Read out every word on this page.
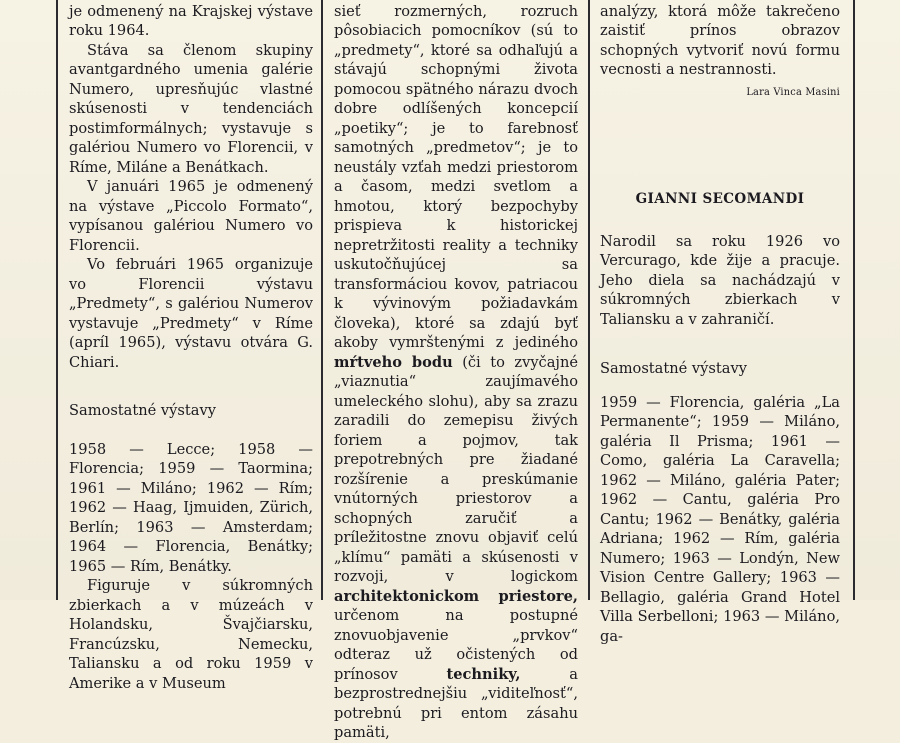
je odmenený na Krajskej výstave roku 1964.

Stáva sa členom skupiny avantgardného umenia galérie Numero, upresňujúc vlastné skúsenosti v tendenciách postimformálnych; vystavuje s galériou Numero vo Florencii, v Ríme, Miláne a Benátkach.

V januári 1965 je odmenený na výstave „Piccolo Formato“, vypísanou galériou Numero vo Florencii.

Vo februári 1965 organizuje vo Florencii výstavu „Predmety“, s galériou Numerov vystavuje „Predmety“ v Ríme (apríl 1965), výstavu otvára G. Chiari.

Samostatné výstavy

1958 — Lecce; 1958 — Florencia; 1959 — Taormina; 1961 — Miláno; 1962 — Rím; 1962 — Haag, Ijmuiden, Zürich, Berlín; 1963 — Amsterdam; 1964 — Florencia, Benátky; 1965 — Rím, Benátky.

Figuruje v súkromných zbierkach a v múzeách v Holandsku, Švajčiarsku, Francúzsku, Nemecku, Taliansku a od roku 1959 v Amerike a v Museum

sieť rozmerných, rozruch pôsobiacich pomocníkov (sú to „predmety“, ktoré sa odhaľujú a stávajú schopnými života pomocou spätného nárazu dvoch dobre odlíšených koncepcií „poetiky“; je to farebnosť samotných „predmetov“; je to neustály vzťah medzi priestorom a časom, medzi svetlom a hmotou, ktorý bezpochyby prispieva k historickej nepretržitosti reality a techniky uskutočňujúcej sa transformáciou kovov, patriacou k vývinovým požiadavkám človeka), ktoré sa zdajú byť akoby vymrštenými z jediného mŕtveho bodu (či to zvyčajné „viaznutia“ zaujímavého umeleckého slohu), aby sa zrazu zaradili do zemepisu živých foriem a pojmov, tak prepotrebných pre žiadané rozšírenie a preskúmanie vnútorných priestorov a schopných zaručiť a príležitostne znovu objaviť celú „klímu“ pamäti a skúsenosti v rozvoji, v logickom architektonickom priestore, určenom na postupné znovuobjavenie „prvkov“ odteraz už očistených od prínosov techniky, a bezprostrednejšiu „viditeľnosť“, potrebnú pri entom zásahu pamäti,

analýzy, ktorá môže takrečeno zaistiť prínos obrazov schopných vytvoriť novú formu vecnosti a nestrannosti.

Lara Vinca Masini

GIANNI SECOMANDI

Narodil sa roku 1926 vo Vercurago, kde žije a pracuje. Jeho diela sa nachádzajú v súkromných zbierkach v Taliansku a v zahraničí.

Samostatné výstavy

1959 — Florencia, galéria „La Permanente“; 1959 — Miláno, galéria Il Prisma; 1961 — Como, galéria La Caravella; 1962 — Miláno, galéria Pater; 1962 — Cantu, galéria Pro Cantu; 1962 — Benátky, galéria Adriana; 1962 — Rím, galéria Numero; 1963 — Londýn, New Vision Centre Gallery; 1963 — Bellagio, galéria Grand Hotel Villa Serbelloni; 1963 — Miláno, ga-
